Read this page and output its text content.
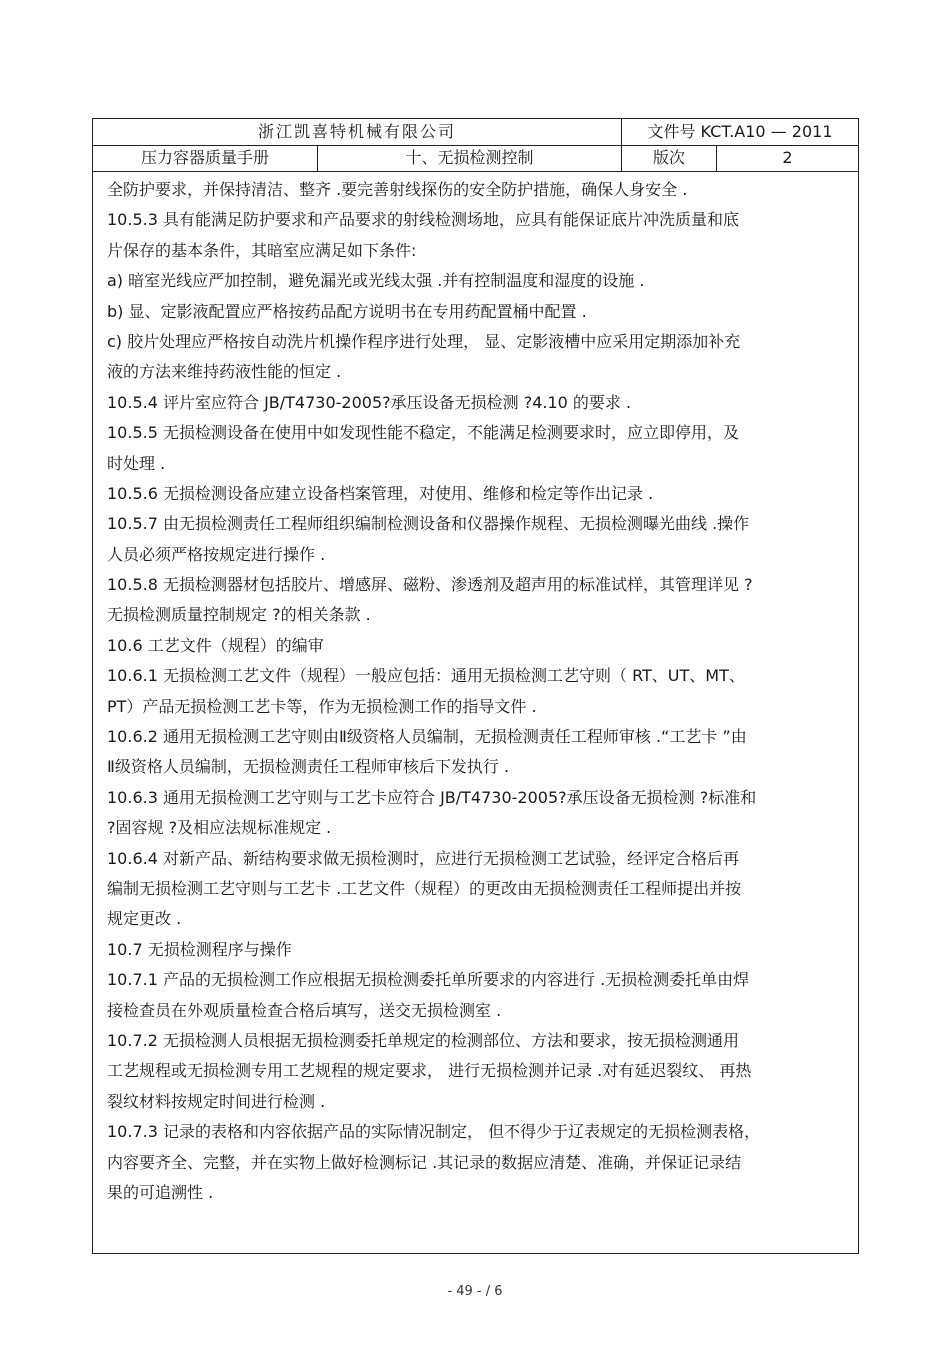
浙江凯喜特机械有限公司	文件号 KCT.A10 — 2011
压力容器质量手册	十、无损检测控制	版次	2
全防护要求，并保持清洁、整齐 .要完善射线探伤的安全防护措施，确保人身安全 .
10.5.3 具有能满足防护要求和产品要求的射线检测场地，应具有能保证底片冲洗质量和底
片保存的基本条件，其暗室应满足如下条件:
a) 暗室光线应严加控制，避免漏光或光线太强 .并有控制温度和湿度的设施 .
b) 显、定影液配置应严格按药品配方说明书在专用药配置桶中配置 .
c) 胶片处理应严格按自动洗片机操作程序进行处理， 显、定影液槽中应采用定期添加补充
液的方法来维持药液性能的恒定 .
10.5.4 评片室应符合 JB/T4730-2005?承压设备无损检测 ?4.10 的要求 .
10.5.5 无损检测设备在使用中如发现性能不稳定，不能满足检测要求时，应立即停用，及
时处理 .
10.5.6 无损检测设备应建立设备档案管理，对使用、维修和检定等作出记录 .
10.5.7 由无损检测责任工程师组织编制检测设备和仪器操作规程、无损检测曝光曲线 .操作
人员必须严格按规定进行操作 .
10.5.8 无损检测器材包括胶片、增感屏、磁粉、渗透剂及超声用的标准试样，其管理详见 ?
无损检测质量控制规定 ?的相关条款 .
10.6 工艺文件（规程）的编审
10.6.1 无损检测工艺文件（规程）一般应包括：通用无损检测工艺守则（ RT、UT、MT、
PT）产品无损检测工艺卡等，作为无损检测工作的指导文件 .
10.6.2 通用无损检测工艺守则由Ⅱ级资格人员编制，无损检测责任工程师审核 .“工艺卡 ”由
Ⅱ级资格人员编制，无损检测责任工程师审核后下发执行 .
10.6.3 通用无损检测工艺守则与工艺卡应符合 JB/T4730-2005?承压设备无损检测 ?标准和
?固容规 ?及相应法规标准规定 .
10.6.4 对新产品、新结构要求做无损检测时，应进行无损检测工艺试验，经评定合格后再
编制无损检测工艺守则与工艺卡 .工艺文件（规程）的更改由无损检测责任工程师提出并按
规定更改 .
10.7 无损检测程序与操作
10.7.1 产品的无损检测工作应根据无损检测委托单所要求的内容进行 .无损检测委托单由焊
接检查员在外观质量检查合格后填写，送交无损检测室 .
10.7.2 无损检测人员根据无损检测委托单规定的检测部位、方法和要求，按无损检测通用
工艺规程或无损检测专用工艺规程的规定要求， 进行无损检测并记录 .对有延迟裂纹、 再热
裂纹材料按规定时间进行检测 .
10.7.3 记录的表格和内容依据产品的实际情况制定， 但不得少于辽表规定的无损检测表格，
内容要齐全、完整，并在实物上做好检测标记 .其记录的数据应清楚、准确，并保证记录结
果的可追溯性 .
- 49 - / 6
